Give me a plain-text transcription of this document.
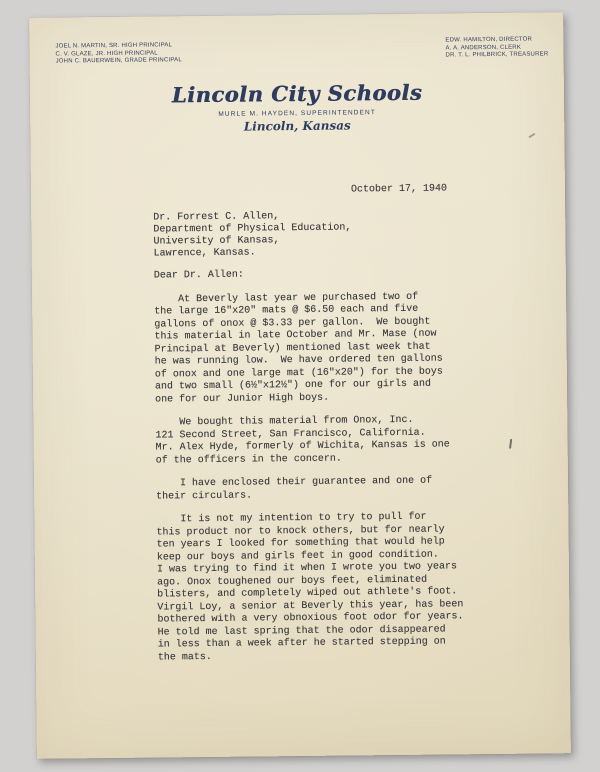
JOEL N. MARTIN, SR. HIGH PRINCIPAL
C. V. GLAZE, JR. HIGH PRINCIPAL
JOHN C. BAUERWEIN, GRADE PRINCIPAL
EDW. HAMILTON, DIRECTOR
A. A. ANDERSON, CLERK
DR. T. L. PHILBRICK, TREASURER
Lincoln City Schools
MURLE M. HAYDEN, SUPERINTENDENT
Lincoln, Kansas
October 17, 1940
Dr. Forrest C. Allen,
Department of Physical Education,
University of Kansas,
Lawrence, Kansas.
Dear Dr. Allen:
At Beverly last year we purchased two of
the large 16"x20" mats @ $6.50 each and five
gallons of onox @ $3.33 per gallon.  We bought
this material in late October and Mr. Mase (now
Principal at Beverly) mentioned last week that
he was running low.  We have ordered ten gallons
of onox and one large mat (16"x20") for the boys
and two small (6½"x12½") one for our girls and
one for our Junior High boys.
We bought this material from Onox, Inc.
121 Second Street, San Francisco, California.
Mr. Alex Hyde, formerly of Wichita, Kansas is one
of the officers in the concern.
I have enclosed their guarantee and one of
their circulars.
It is not my intention to try to pull for
this product nor to knock others, but for nearly
ten years I looked for something that would help
keep our boys and girls feet in good condition.
I was trying to find it when I wrote you two years
ago. Onox toughened our boys feet, eliminated
blisters, and completely wiped out athlete's foot.
Virgil Loy, a senior at Beverly this year, has been
bothered with a very obnoxious foot odor for years.
He told me last spring that the odor disappeared
in less than a week after he started stepping on
the mats.
